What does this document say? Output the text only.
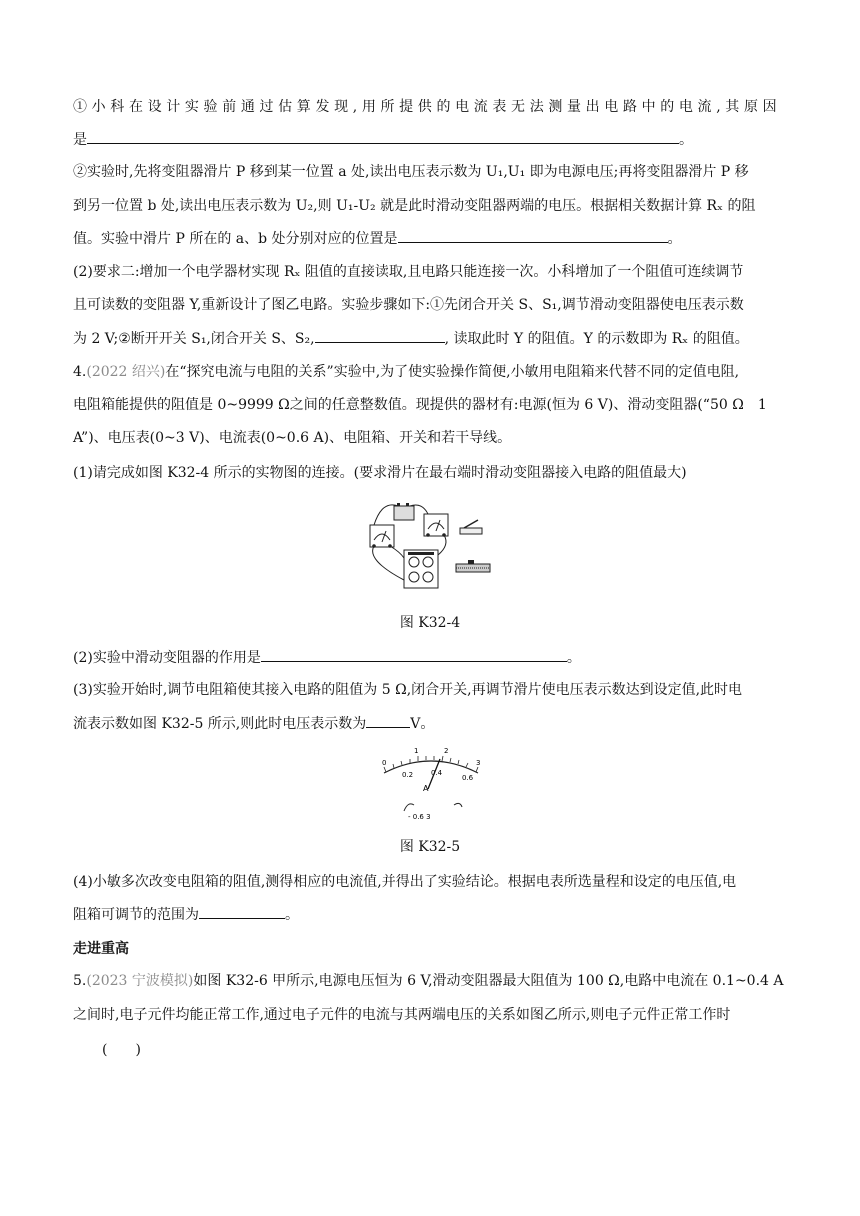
① 小 科 在 设 计 实 验 前 通 过 估 算 发 现 , 用 所 提 供 的 电 流 表 无 法 测 量 出 电 路 中 的 电 流 , 其 原 因
是	。
②实验时,先将变阻器滑片 P 移到某一位置 a 处,读出电压表示数为 U₁,U₁ 即为电源电压;再将变阻器滑片 P 移
到另一位置 b 处,读出电压表示数为 U₂,则 U₁-U₂ 就是此时滑动变阻器两端的电压。根据相关数据计算 Rₓ 的阻
值。实验中滑片 P 所在的 a、b 处分别对应的位置是	。
(2)要求二:增加一个电学器材实现 Rₓ 阻值的直接读取,且电路只能连接一次。小科增加了一个阻值可连续调节
且可读数的变阻器 Y,重新设计了图乙电路。实验步骤如下:①先闭合开关 S、S₁,调节滑动变阻器使电压表示数
为 2 V;②断开开关 S₁,闭合开关 S、S₂,	, 读取此时 Y 的阻值。Y 的示数即为 Rₓ 的阻值。
4.(2022 绍兴)在“探究电流与电阻的关系”实验中,为了使实验操作简便,小敏用电阻箱来代替不同的定值电阻,
电阻箱能提供的阻值是 0~9999 Ω之间的任意整数值。现提供的器材有:电源(恒为 6 V)、滑动变阻器(“50 Ω　1
A”)、电压表(0~3 V)、电流表(0~0.6 A)、电阻箱、开关和若干导线。
(1)请完成如图 K32-4 所示的实物图的连接。(要求滑片在最右端时滑动变阻器接入电路的阻值最大)
图 K32-4
(2)实验中滑动变阻器的作用是	。
(3)实验开始时,调节电阻箱使其接入电路的阻值为 5 Ω,闭合开关,再调节滑片使电压表示数达到设定值,此时电
流表示数如图 K32-5 所示,则此时电压表示数为	V。
0
1	2
3
0.2	0.4
0.6
A
- 0.6 3
图 K32-5
(4)小敏多次改变电阻箱的阻值,测得相应的电流值,并得出了实验结论。根据电表所选量程和设定的电压值,电
阻箱可调节的范围为	。
走进重高
5.(2023 宁波模拟)如图 K32-6 甲所示,电源电压恒为 6 V,滑动变阻器最大阻值为 100 Ω,电路中电流在 0.1~0.4 A
之间时,电子元件均能正常工作,通过电子元件的电流与其两端电压的关系如图乙所示,则电子元件正常工作时
(　　)
